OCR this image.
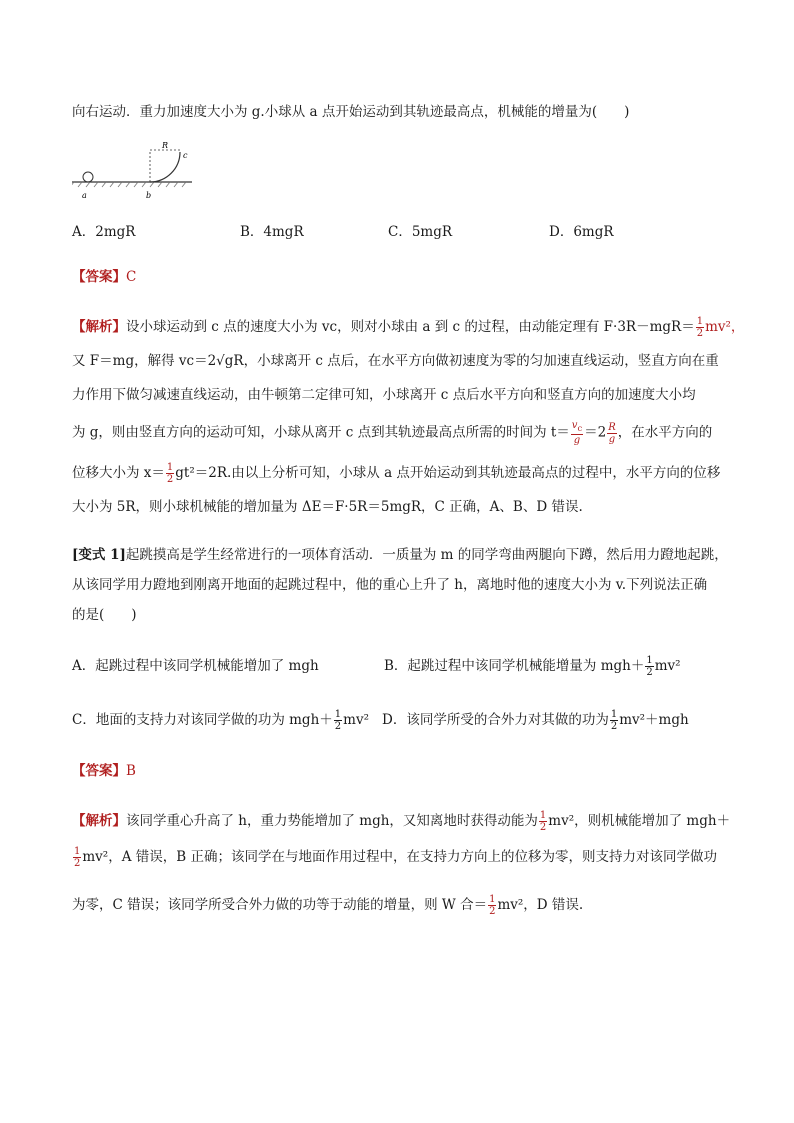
向右运动．重力加速度大小为 g.小球从 a 点开始运动到其轨迹最高点，机械能的增量为(　　)
R
c
a	b
A．2mgR	B．4mgR	C．5mgR	D．6mgR
【答案】C
【解析】设小球运动到 c 点的速度大小为 vc，则对小球由 a 到 c 的过程，由动能定理有 $F\cdot 3R-mgR= \frac{1}{2} mv^2$，
又 F＝mg，解得 vc＝2√gR，小球离开 c 点后，在水平方向做初速度为零的匀加速直线运动，竖直方向在重
力作用下做匀减速直线运动，由牛顿第二定律可知，小球离开 c 点后水平方向和竖直方向的加速度大小均
为 g，则由竖直方向的运动可知，小球从离开 c 点到其轨迹最高点所需的时间为 $t= \frac{v_c}{g} =2 \frac{R}{g}$ ，在水平方向的
位移大小为 $x= \frac{1}{2} gt^2=2R$.由以上分析可知，小球从 a 点开始运动到其轨迹最高点的过程中，水平方向的位移
大小为 5R，则小球机械能的增加量为 ΔE＝F·5R＝5mgR，C 正确，A、B、D 错误.
[变式 1]起跳摸高是学生经常进行的一项体育活动．一质量为 m 的同学弯曲两腿向下蹲，然后用力蹬地起跳，
从该同学用力蹬地到刚离开地面的起跳过程中，他的重心上升了 h，离地时他的速度大小为 v.下列说法正确
的是(　　)
A．起跳过程中该同学机械能增加了 mgh	B．起跳过程中该同学机械能增量为 $mgh+ \frac{1}{2} mv^2$
C．地面的支持力对该同学做的功为 $mgh+ \frac{1}{2} mv^2$ D．该同学所受的合外力对其做的功为 $\frac{1}{2} mv^2+mgh$
【答案】B
【解析】该同学重心升高了 h，重力势能增加了 mgh，又知离地时获得动能为 $\frac{1}{2} mv^2$，则机械能增加了 mgh＋
$\frac{1}{2} mv^2$，A 错误，B 正确；该同学在与地面作用过程中，在支持力方向上的位移为零，则支持力对该同学做功
为零，C 错误；该同学所受合外力做的功等于动能的增量，则 W 合＝ $\frac{1}{2} mv^2$，D 错误.
